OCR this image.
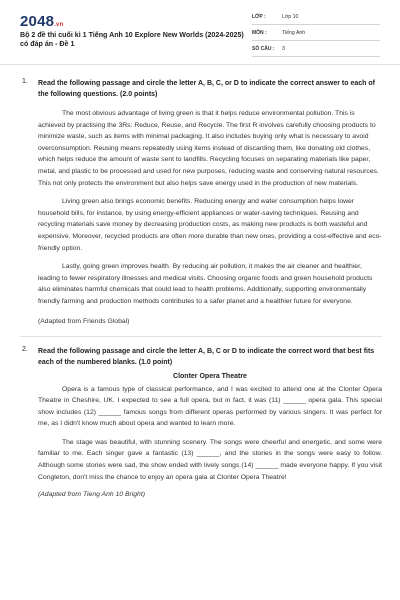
2048.vn
Bộ 2 đề thi cuối kì 1 Tiếng Anh 10 Explore New Worlds (2024-2025) có đáp án - Đề 1
LỚP :	Lớp 10
MÔN :	Tiếng Anh
SỐ CÂU :	3
1. Read the following passage and circle the letter A, B, C, or D to indicate the correct answer to each of the following questions. (2.0 points)

The most obvious advantage of living green is that it helps reduce environmental pollution. This is achieved by practising the 3Rs: Reduce, Reuse, and Recycle. The first R involves carefully choosing products to minimize waste, such as items with minimal packaging. It also includes buying only what is necessary to avoid overconsumption. Reusing means repeatedly using items instead of discarding them, like donating old clothes, which helps reduce the amount of waste sent to landfills. Recycling focuses on separating materials like paper, metal, and plastic to be processed and used for new purposes, reducing waste and conserving natural resources. This not only protects the environment but also helps save energy used in the production of new materials.

Living green also brings economic benefits. Reducing energy and water consumption helps lower household bills, for instance, by using energy-efficient appliances or water-saving techniques. Reusing and recycling materials save money by decreasing production costs, as making new products is both wasteful and expensive. Moreover, recycled products are often more durable than new ones, providing a cost-effective and eco-friendly option.

Lastly, going green improves health. By reducing air pollution, it makes the air cleaner and healthier, leading to fewer respiratory illnesses and medical visits. Choosing organic foods and green household products also eliminates harmful chemicals that could lead to health problems. Additionally, supporting environmentally friendly farming and production methods contributes to a safer planet and a healthier future for everyone.

(Adapted from Friends Global)
2. Read the following passage and circle the letter A, B, C or D to indicate the correct word that best fits each of the numbered blanks. (1.0 point)
Clonter Opera Theatre

Opera is a famous type of classical performance, and I was excited to attend one at the Clonter Opera Theatre in Cheshire, UK. I expected to see a full opera, but in fact, it was (11) ______ opera gala. This special show includes (12) ______ famous songs from different operas performed by various singers. It was perfect for me, as I didn't know much about opera and wanted to learn more.

The stage was beautiful, with stunning scenery. The songs were cheerful and energetic, and some were familiar to me. Each singer gave a fantastic (13) ______, and the stories in the songs were easy to follow. Although some stories were sad, the show ended with lively songs (14) ______ made everyone happy. If you visit Congleton, don't miss the chance to enjoy an opera gala at Clonter Opera Theatre!

(Adapted from Tieng Anh 10 Bright)
